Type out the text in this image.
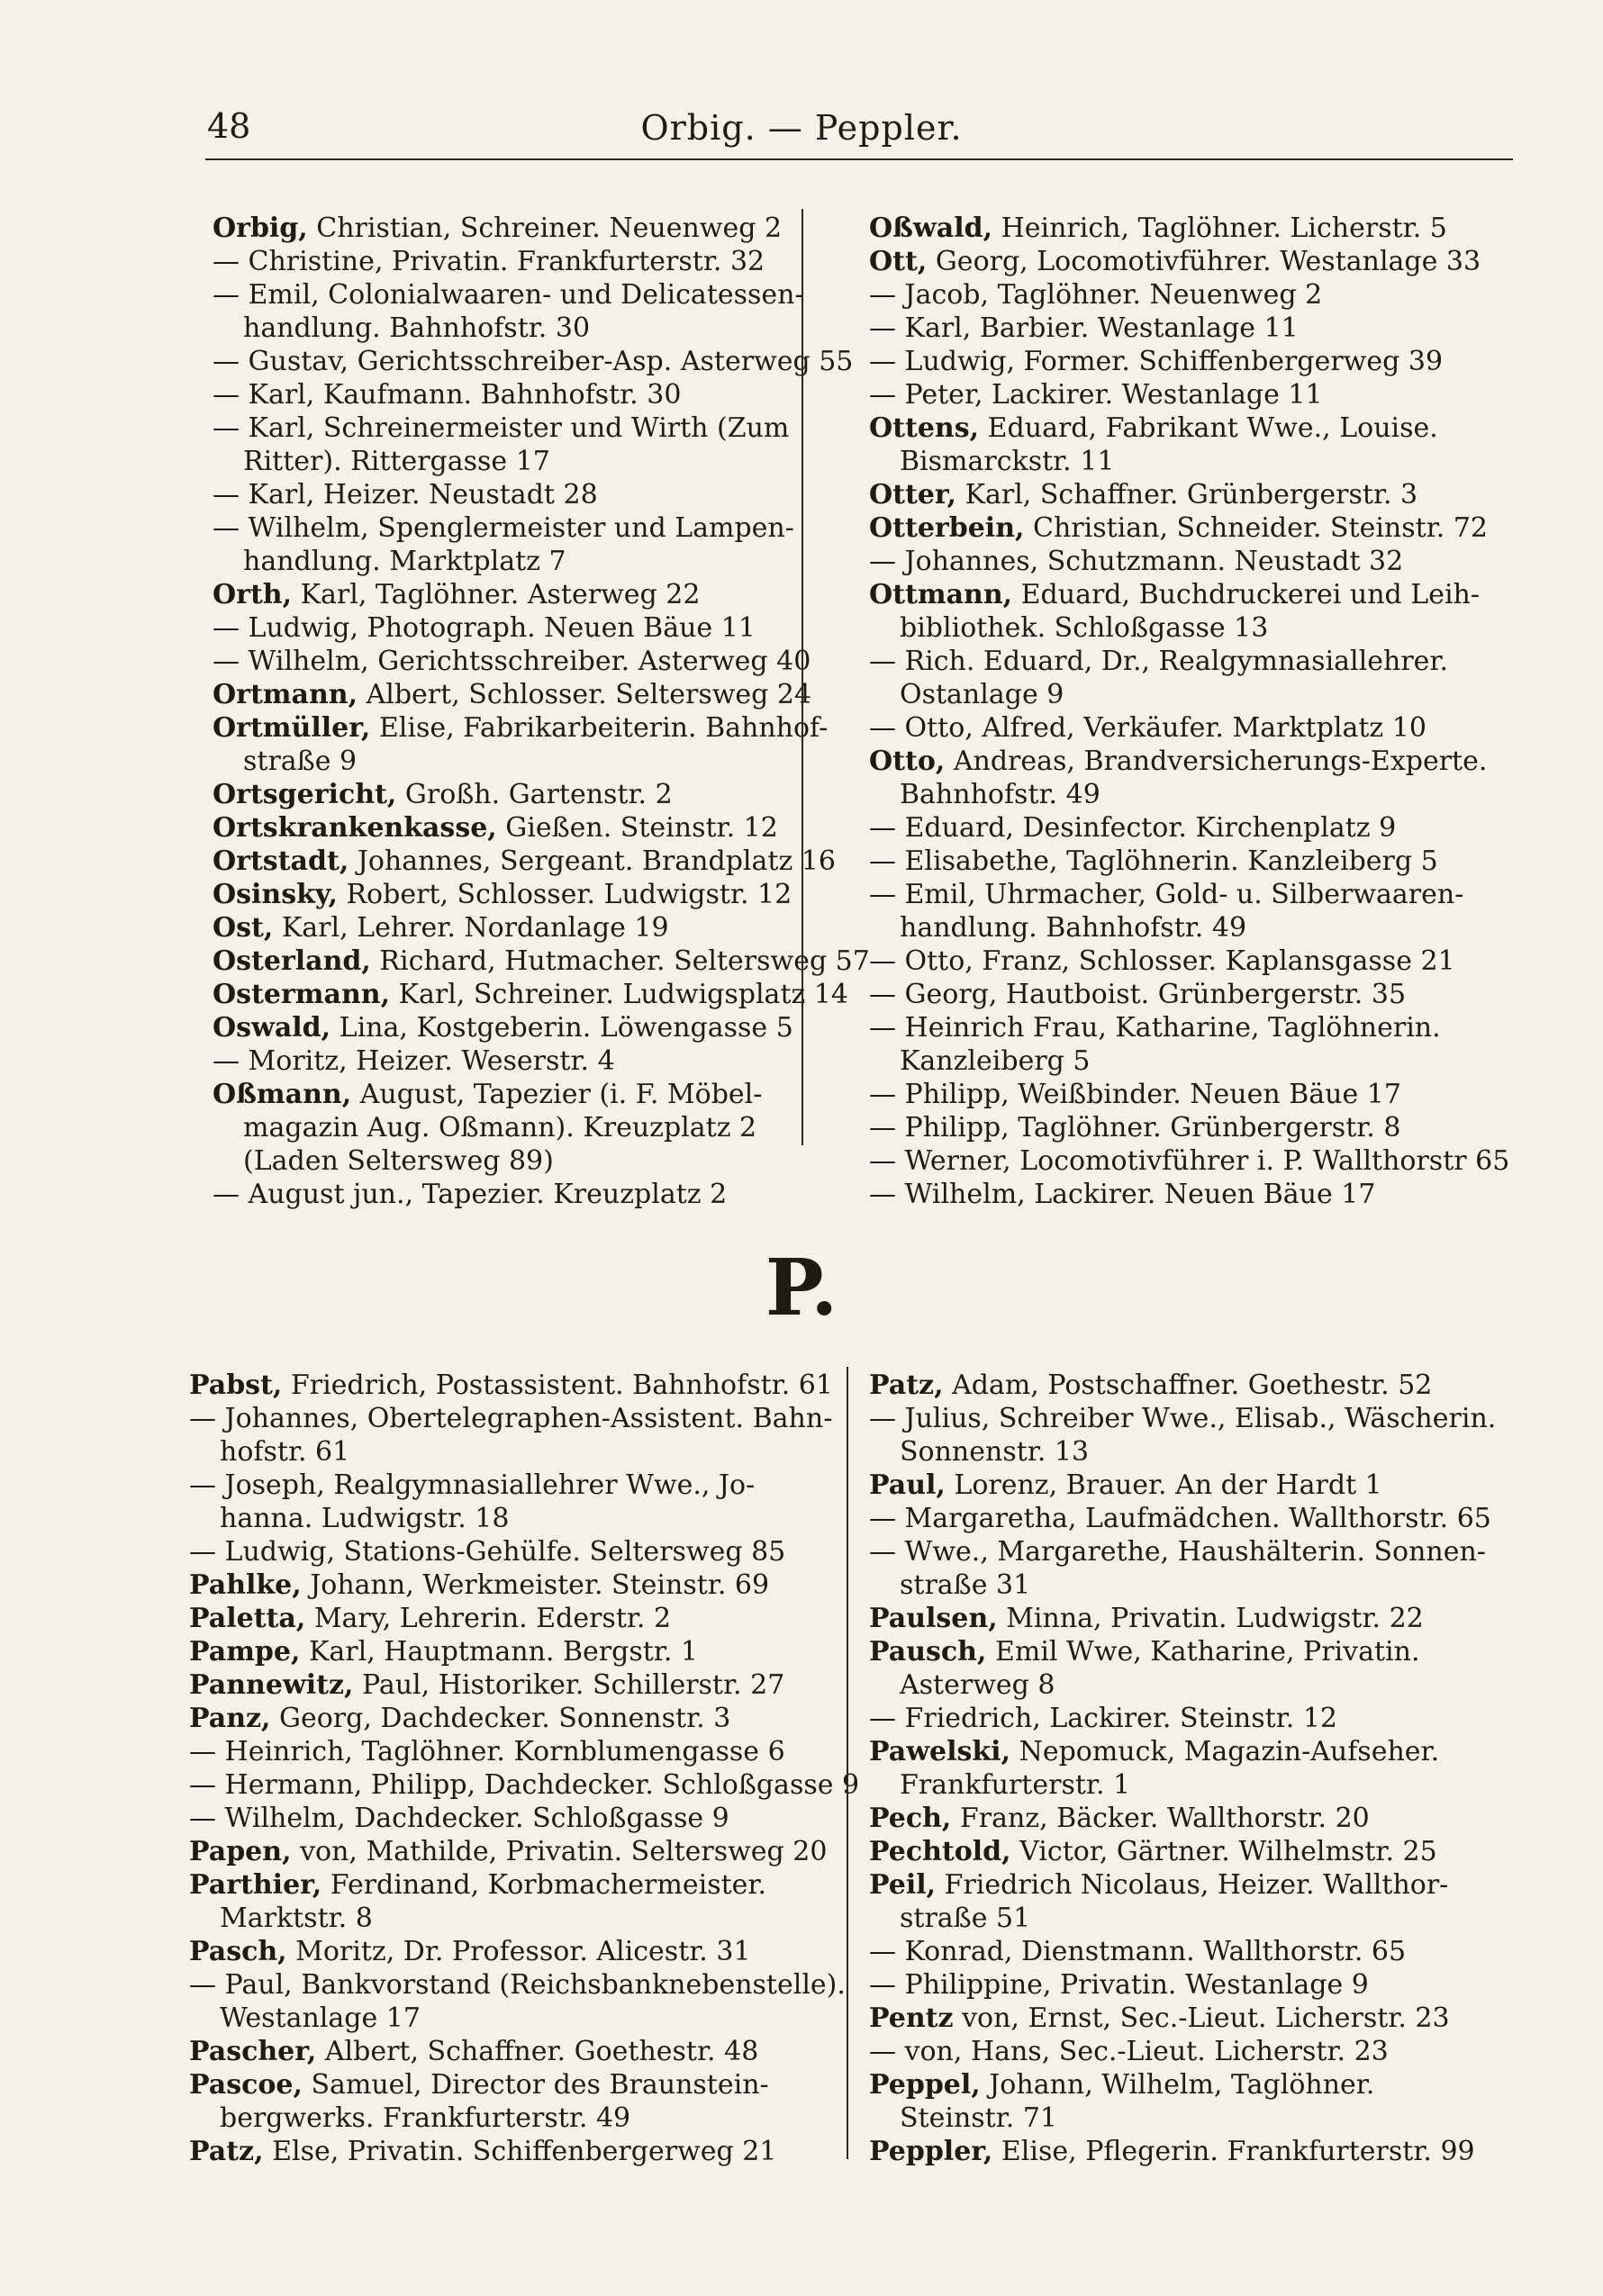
48	Orbig. — Peppler.
Orbig, Christian, Schreiner. Neuenweg 2
— Christine, Privatin. Frankfurterstr. 32
— Emil, Colonialwaaren- und Delicatessen-
handlung. Bahnhofstr. 30
— Gustav, Gerichtsschreiber-Asp. Asterweg 55
— Karl, Kaufmann. Bahnhofstr. 30
— Karl, Schreinermeister und Wirth (Zum
Ritter). Rittergasse 17
— Karl, Heizer. Neustadt 28
— Wilhelm, Spenglermeister und Lampen-
handlung. Marktplatz 7
Orth, Karl, Taglöhner. Asterweg 22
— Ludwig, Photograph. Neuen Bäue 11
— Wilhelm, Gerichtsschreiber. Asterweg 40
Ortmann, Albert, Schlosser. Seltersweg 24
Ortmüller, Elise, Fabrikarbeiterin. Bahnhof-
straße 9
Ortsgericht, Großh. Gartenstr. 2
Ortskrankenkasse, Gießen. Steinstr. 12
Ortstadt, Johannes, Sergeant. Brandplatz 16
Osinsky, Robert, Schlosser. Ludwigstr. 12
Ost, Karl, Lehrer. Nordanlage 19
Osterland, Richard, Hutmacher. Seltersweg 57
Ostermann, Karl, Schreiner. Ludwigsplatz 14
Oswald, Lina, Kostgeberin. Löwengasse 5
— Moritz, Heizer. Weserstr. 4
Oßmann, August, Tapezier (i. F. Möbel-
magazin Aug. Oßmann). Kreuzplatz 2
(Laden Seltersweg 89)
— August jun., Tapezier. Kreuzplatz 2
Oßwald, Heinrich, Taglöhner. Licherstr. 5
Ott, Georg, Locomotivführer. Westanlage 33
— Jacob, Taglöhner. Neuenweg 2
— Karl, Barbier. Westanlage 11
— Ludwig, Former. Schiffenbergerweg 39
— Peter, Lackirer. Westanlage 11
Ottens, Eduard, Fabrikant Wwe., Louise.
Bismarckstr. 11
Otter, Karl, Schaffner. Grünbergerstr. 3
Otterbein, Christian, Schneider. Steinstr. 72
— Johannes, Schutzmann. Neustadt 32
Ottmann, Eduard, Buchdruckerei und Leih-
bibliothek. Schloßgasse 13
— Rich. Eduard, Dr., Realgymnasiallehrer.
Ostanlage 9
— Otto, Alfred, Verkäufer. Marktplatz 10
Otto, Andreas, Brandversicherungs-Experte.
Bahnhofstr. 49
— Eduard, Desinfector. Kirchenplatz 9
— Elisabethe, Taglöhnerin. Kanzleiberg 5
— Emil, Uhrmacher, Gold- u. Silberwaaren-
handlung. Bahnhofstr. 49
— Otto, Franz, Schlosser. Kaplansgasse 21
— Georg, Hautboist. Grünbergerstr. 35
— Heinrich Frau, Katharine, Taglöhnerin.
Kanzleiberg 5
— Philipp, Weißbinder. Neuen Bäue 17
— Philipp, Taglöhner. Grünbergerstr. 8
— Werner, Locomotivführer i. P. Wallthorstr 65
— Wilhelm, Lackirer. Neuen Bäue 17
P.
Pabst, Friedrich, Postassistent. Bahnhofstr. 61
— Johannes, Obertelegraphen-Assistent. Bahn-
hofstr. 61
— Joseph, Realgymnasiallehrer Wwe., Jo-
hanna. Ludwigstr. 18
— Ludwig, Stations-Gehülfe. Seltersweg 85
Pahlke, Johann, Werkmeister. Steinstr. 69
Paletta, Mary, Lehrerin. Ederstr. 2
Pampe, Karl, Hauptmann. Bergstr. 1
Pannewitz, Paul, Historiker. Schillerstr. 27
Panz, Georg, Dachdecker. Sonnenstr. 3
— Heinrich, Taglöhner. Kornblumengasse 6
— Hermann, Philipp, Dachdecker. Schloßgasse 9
— Wilhelm, Dachdecker. Schloßgasse 9
Papen, von, Mathilde, Privatin. Seltersweg 20
Parthier, Ferdinand, Korbmachermeister.
Marktstr. 8
Pasch, Moritz, Dr. Professor. Alicestr. 31
— Paul, Bankvorstand (Reichsbanknebenstelle).
Westanlage 17
Pascher, Albert, Schaffner. Goethestr. 48
Pascoe, Samuel, Director des Braunstein-
bergwerks. Frankfurterstr. 49
Patz, Else, Privatin. Schiffenbergerweg 21
Patz, Adam, Postschaffner. Goethestr. 52
— Julius, Schreiber Wwe., Elisab., Wäscherin.
Sonnenstr. 13
Paul, Lorenz, Brauer. An der Hardt 1
— Margaretha, Laufmädchen. Wallthorstr. 65
— Wwe., Margarethe, Haushälterin. Sonnen-
straße 31
Paulsen, Minna, Privatin. Ludwigstr. 22
Pausch, Emil Wwe, Katharine, Privatin.
Asterweg 8
— Friedrich, Lackirer. Steinstr. 12
Pawelski, Nepomuck, Magazin-Aufseher.
Frankfurterstr. 1
Pech, Franz, Bäcker. Wallthorstr. 20
Pechtold, Victor, Gärtner. Wilhelmstr. 25
Peil, Friedrich Nicolaus, Heizer. Wallthor-
straße 51
— Konrad, Dienstmann. Wallthorstr. 65
— Philippine, Privatin. Westanlage 9
Pentz von, Ernst, Sec.-Lieut. Licherstr. 23
— von, Hans, Sec.-Lieut. Licherstr. 23
Peppel, Johann, Wilhelm, Taglöhner.
Steinstr. 71
Peppler, Elise, Pflegerin. Frankfurterstr. 99
